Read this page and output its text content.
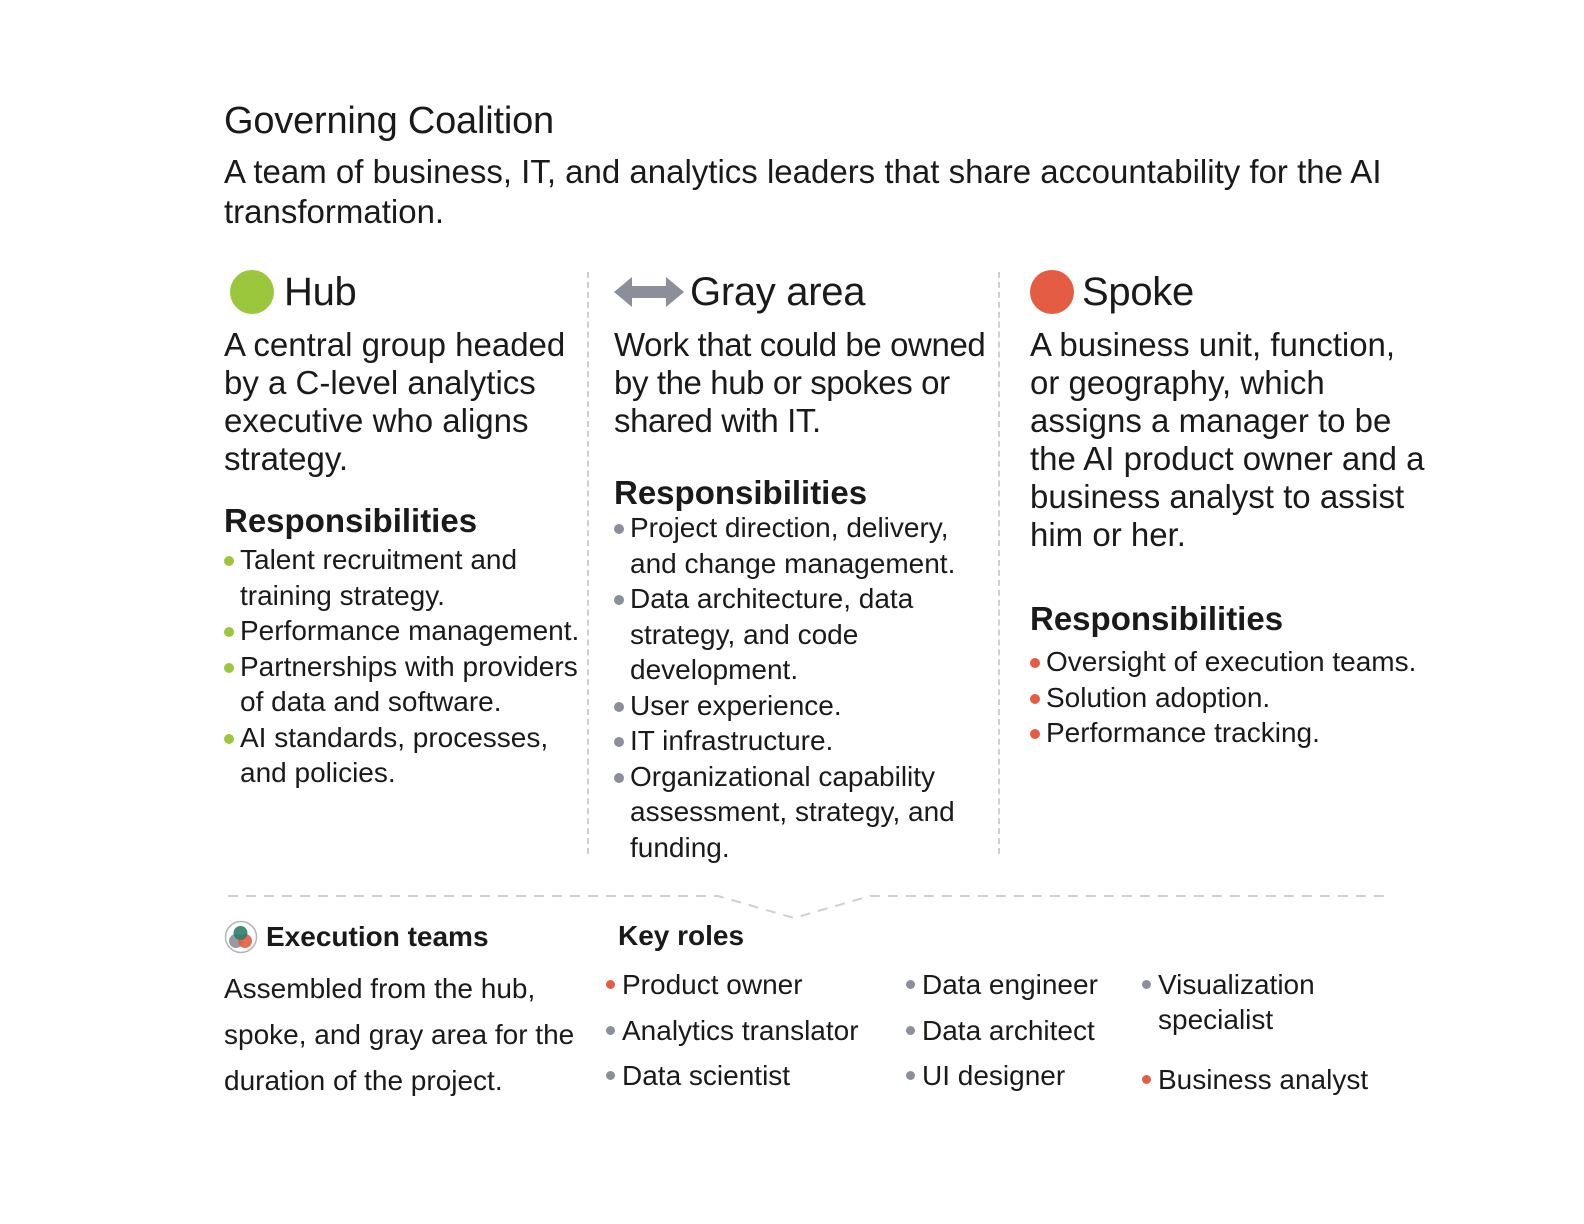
Governing Coalition
A team of business, IT, and analytics leaders that share accountability for the AI transformation.
Hub
A central group headed by a C-level analytics executive who aligns strategy.
Responsibilities
Talent recruitment and training strategy.
Performance management.
Partnerships with providers of data and software.
AI standards, processes, and policies.
Gray area
Work that could be owned by the hub or spokes or shared with IT.
Responsibilities
Project direction, delivery, and change management.
Data architecture, data strategy, and code development.
User experience.
IT infrastructure.
Organizational capability assessment, strategy, and funding.
Spoke
A business unit, function, or geography, which assigns a manager to be the AI product owner and a business analyst to assist him or her.
Responsibilities
Oversight of execution teams.
Solution adoption.
Performance tracking.
Execution teams
Assembled from the hub, spoke, and gray area for the duration of the project.
Key roles
Product owner
Analytics translator
Data scientist
Data engineer
Data architect
UI designer
Visualization specialist
Business analyst
